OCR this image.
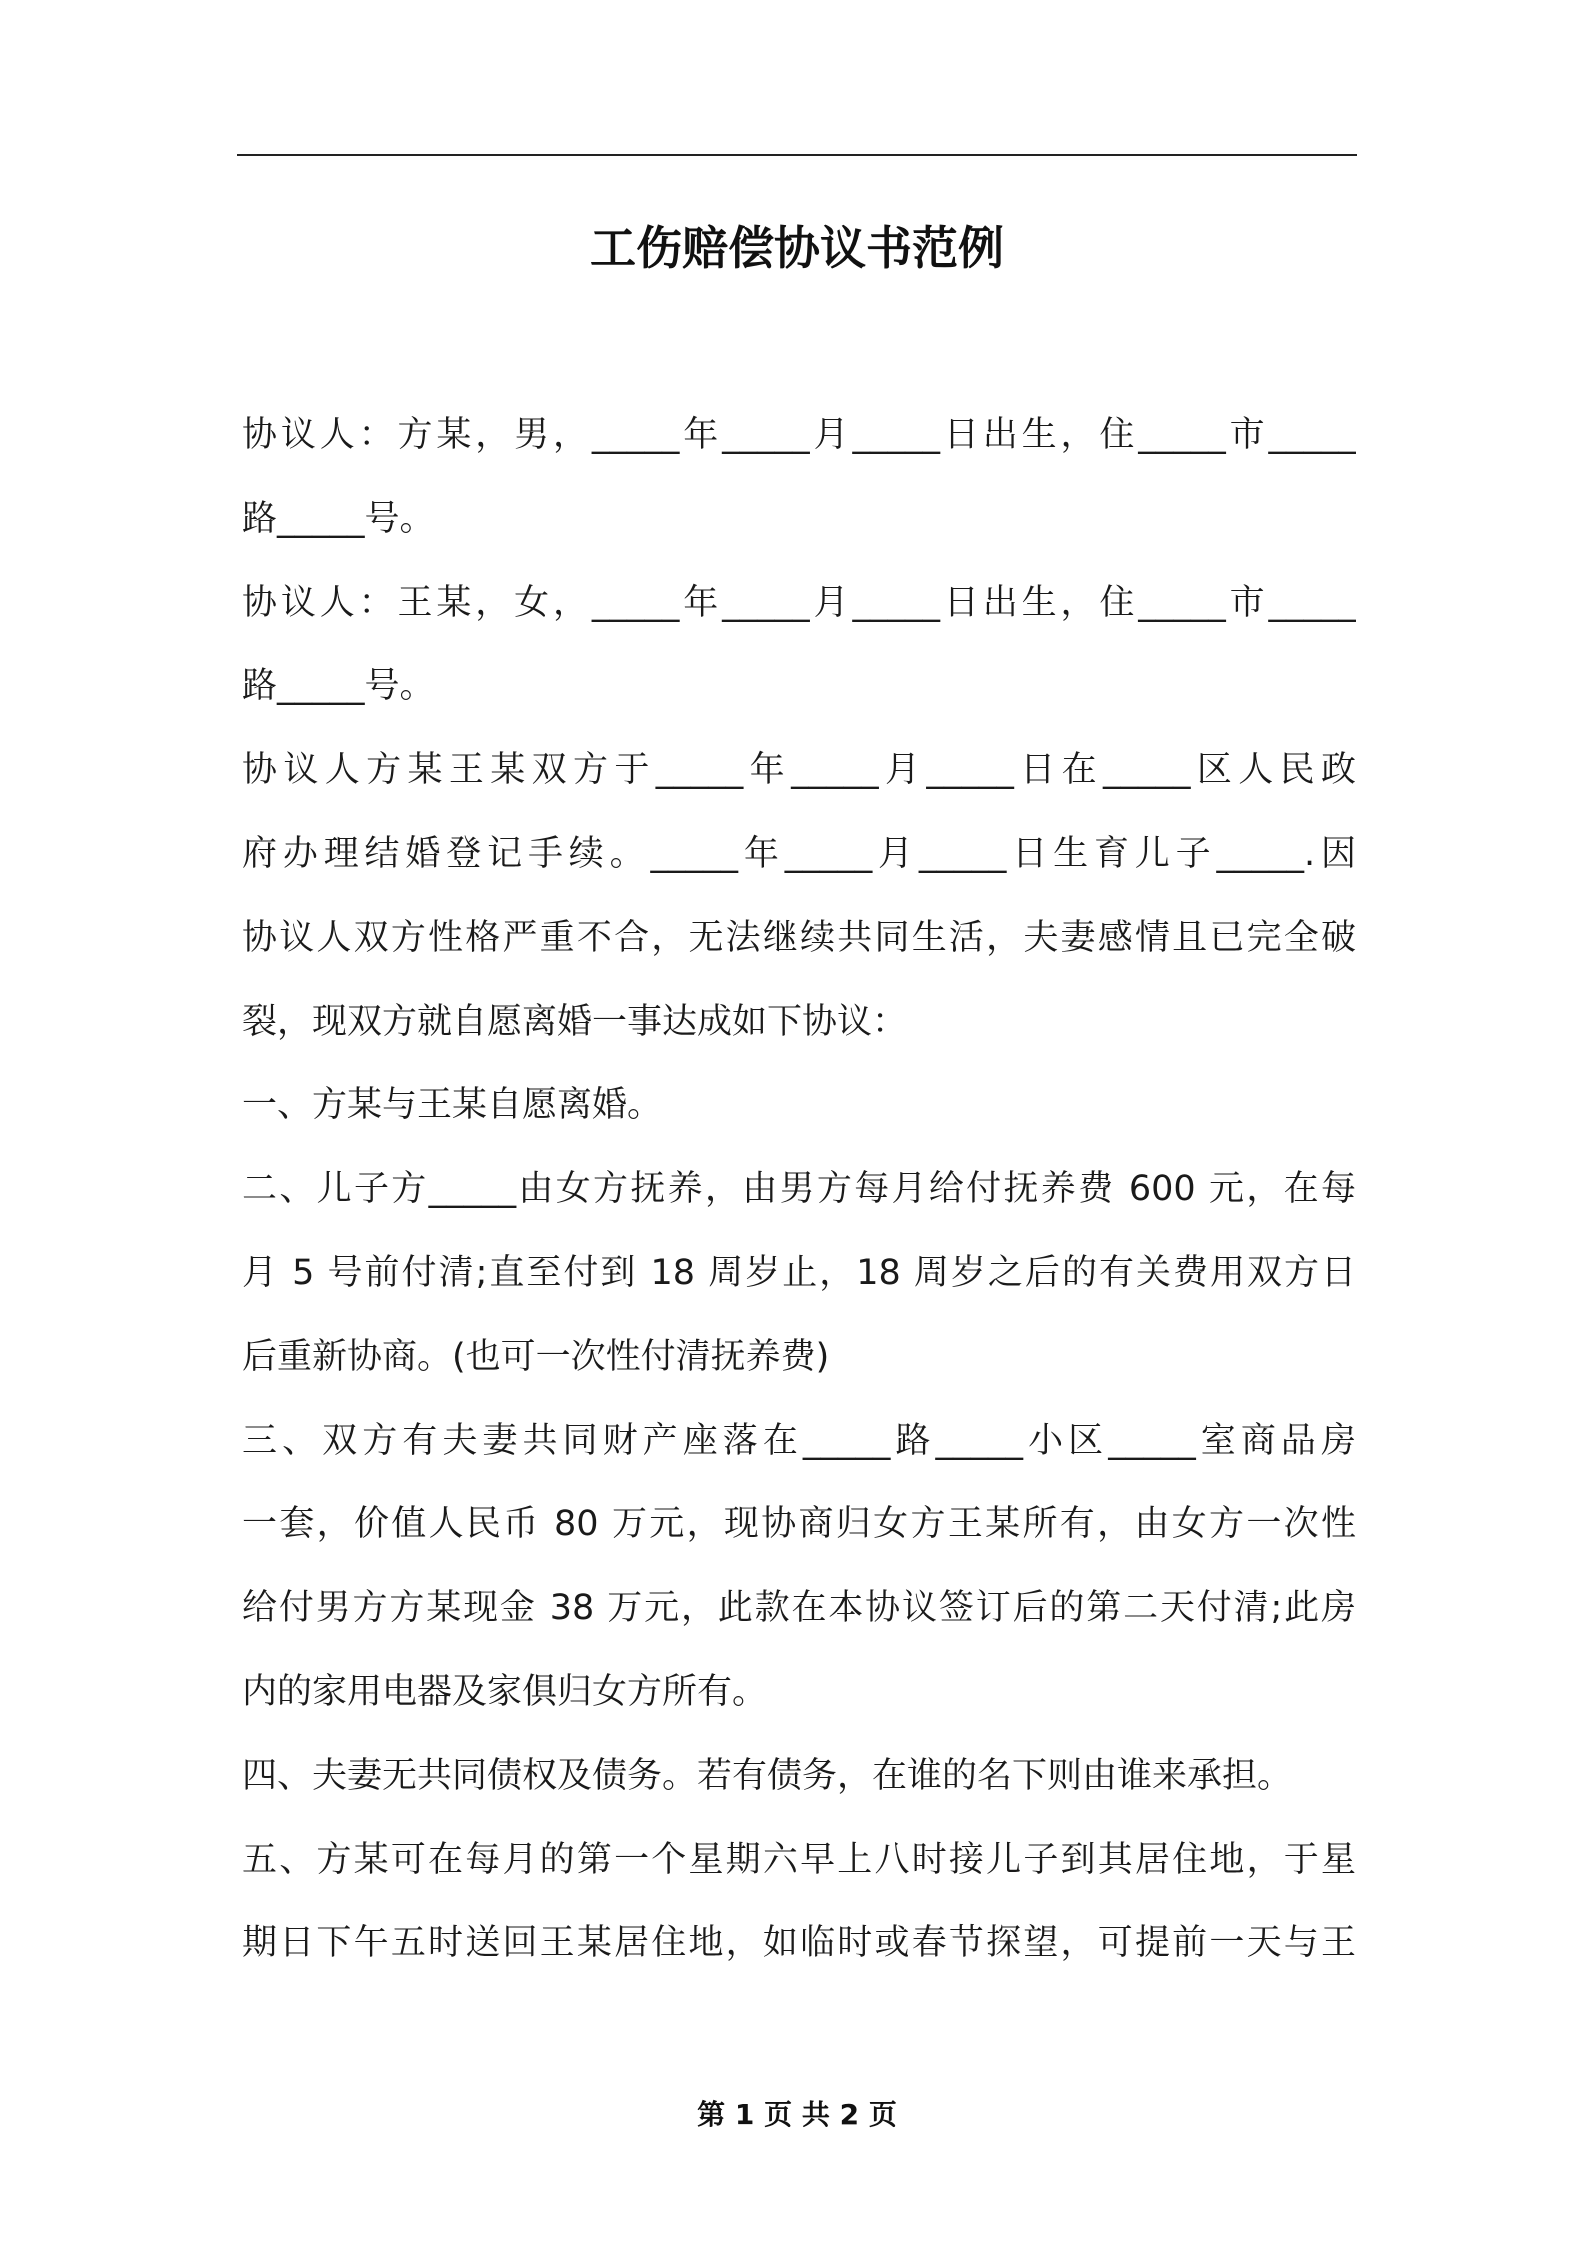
工伤赔偿协议书范例
协议人：方某，男，_____年_____月_____日出生，住_____市_____
路_____号。
协议人：王某，女，_____年_____月_____日出生，住_____市_____
路_____号。
协议人方某王某双方于_____年_____月_____日在_____区人民政
府办理结婚登记手续。_____年_____月_____日生育儿子_____.因
协议人双方性格严重不合，无法继续共同生活，夫妻感情且已完全破
裂，现双方就自愿离婚一事达成如下协议：
一、方某与王某自愿离婚。
二、儿子方_____由女方抚养，由男方每月给付抚养费 600 元，在每
月 5 号前付清;直至付到 18 周岁止，18 周岁之后的有关费用双方日
后重新协商。(也可一次性付清抚养费)
三、双方有夫妻共同财产座落在_____路_____小区_____室商品房
一套，价值人民币 80 万元，现协商归女方王某所有，由女方一次性
给付男方方某现金 38 万元，此款在本协议签订后的第二天付清;此房
内的家用电器及家俱归女方所有。
四、夫妻无共同债权及债务。若有债务，在谁的名下则由谁来承担。
五、方某可在每月的第一个星期六早上八时接儿子到其居住地，于星
期日下午五时送回王某居住地，如临时或春节探望，可提前一天与王
第 1 页 共 2 页
